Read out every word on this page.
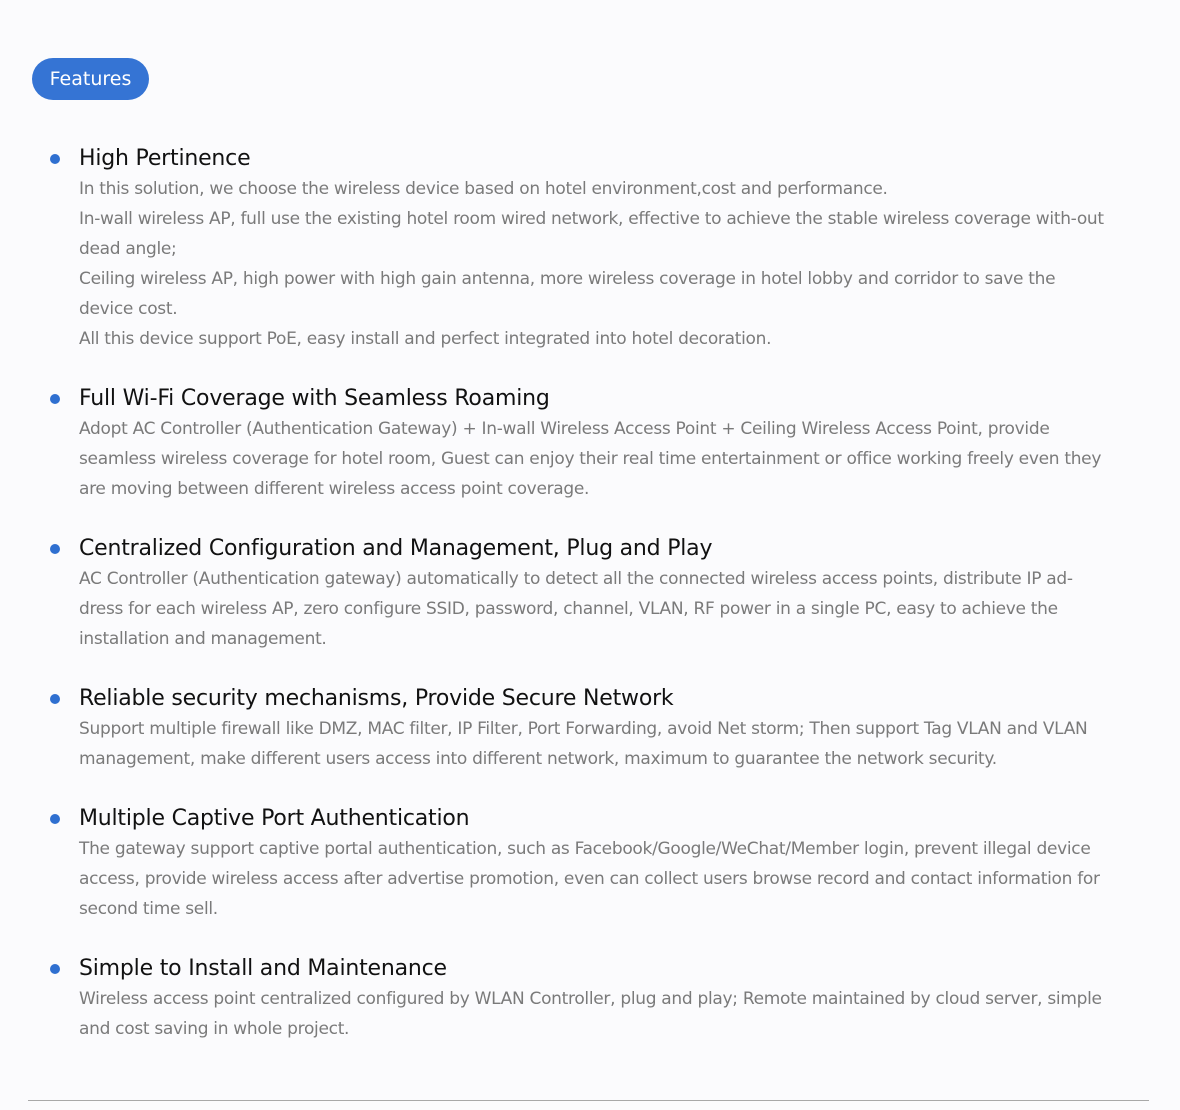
Features
High Pertinence

In this solution, we choose the wireless device based on hotel environment,cost and performance.

In-wall wireless AP, full use the existing hotel room wired network, effective to achieve the stable wireless coverage with-out dead angle;

Ceiling wireless AP, high power with high gain antenna, more wireless coverage in hotel lobby and corridor to save the device cost.

All this device support PoE, easy install and perfect integrated into hotel decoration.

Full Wi-Fi Coverage with Seamless Roaming

Adopt AC Controller (Authentication Gateway) + In-wall Wireless Access Point + Ceiling Wireless Access Point, provide seamless wireless coverage for hotel room, Guest can enjoy their real time entertainment or office working freely even they are moving between different wireless access point coverage.

Centralized Configuration and Management, Plug and Play

AC Controller (Authentication gateway) automatically to detect all the connected wireless access points, distribute IP ad-dress for each wireless AP, zero configure SSID, password, channel, VLAN, RF power in a single PC, easy to achieve the installation and management.

Reliable security mechanisms, Provide Secure Network

Support multiple firewall like DMZ, MAC filter, IP Filter, Port Forwarding, avoid Net storm; Then support Tag VLAN and VLAN management, make different users access into different network, maximum to guarantee the network security.

Multiple Captive Port Authentication

The gateway support captive portal authentication, such as Facebook/Google/WeChat/Member login, prevent illegal device access, provide wireless access after advertise promotion, even can collect users browse record and contact information for second time sell.

Simple to Install and Maintenance

Wireless access point centralized configured by WLAN Controller, plug and play; Remote maintained by cloud server, simple and cost saving in whole project.
